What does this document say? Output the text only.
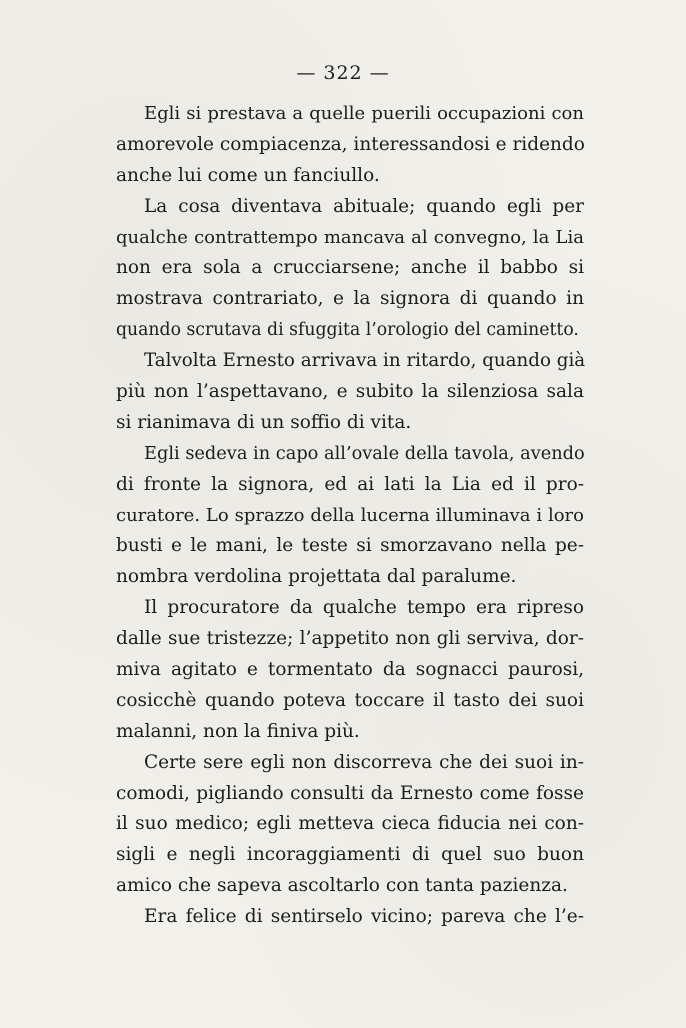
— 322 —
Egli si prestava a quelle puerili occupazioni con
amorevole compiacenza, interessandosi e ridendo
anche lui come un fanciullo.
La cosa diventava abituale; quando egli per
qualche contrattempo mancava al convegno, la Lia
non era sola a crucciarsene; anche il babbo si
mostrava contrariato, e la signora di quando in
quando scrutava di sfuggita l’orologio del caminetto.
Talvolta Ernesto arrivava in ritardo, quando già
più non l’aspettavano, e subito la silenziosa sala
si rianimava di un soffio di vita.
Egli sedeva in capo all’ovale della tavola, avendo
di fronte la signora, ed ai lati la Lia ed il pro-
curatore. Lo sprazzo della lucerna illuminava i loro
busti e le mani, le teste si smorzavano nella pe-
nombra verdolina projettata dal paralume.
Il procuratore da qualche tempo era ripreso
dalle sue tristezze; l’appetito non gli serviva, dor-
miva agitato e tormentato da sognacci paurosi,
cosicchè quando poteva toccare il tasto dei suoi
malanni, non la finiva più.
Certe sere egli non discorreva che dei suoi in-
comodi, pigliando consulti da Ernesto come fosse
il suo medico; egli metteva cieca fiducia nei con-
sigli e negli incoraggiamenti di quel suo buon
amico che sapeva ascoltarlo con tanta pazienza.
Era felice di sentirselo vicino; pareva che l’e-
